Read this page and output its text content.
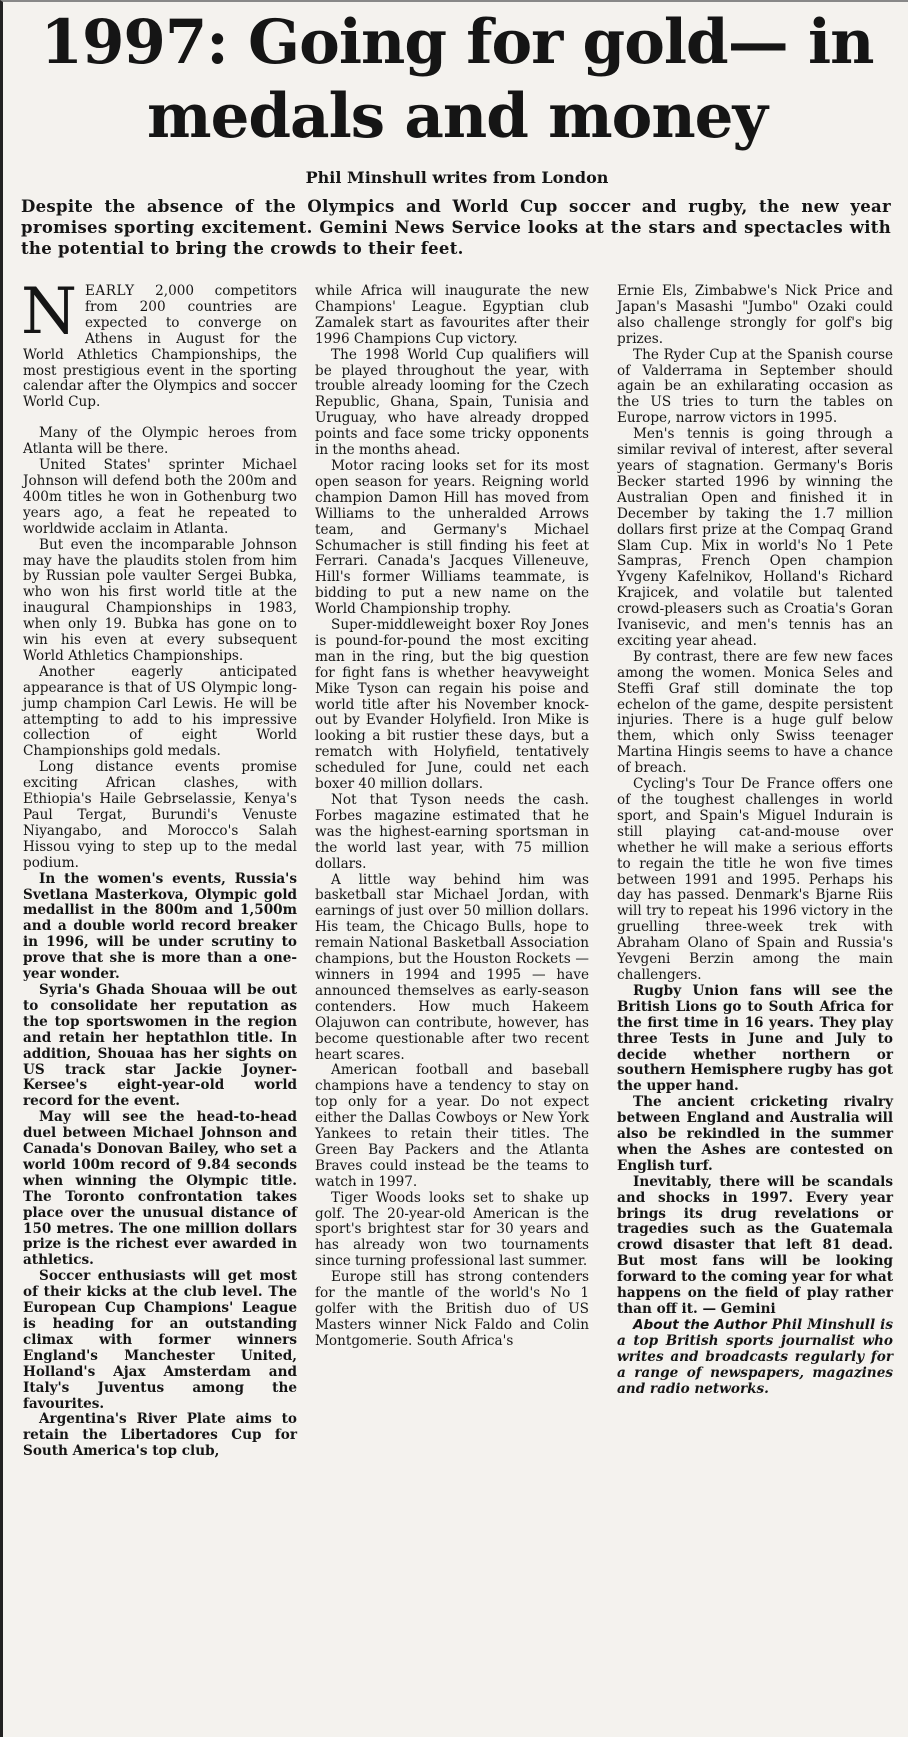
1997: Going for gold— in medals and money
Phil Minshull writes from London

Despite the absence of the Olympics and World Cup soccer and rugby, the new year promises sporting excitement. Gemini News Service looks at the stars and spectacles with the potential to bring the crowds to their feet.

NEARLY 2,000 competitors from 200 countries are expected to converge on Athens in August for the World Athletics Championships, the most prestigious event in the sporting calendar after the Olympics and soccer World Cup.

Many of the Olympic heroes from Atlanta will be there.

United States' sprinter Michael Johnson will defend both the 200m and 400m titles he won in Gothenburg two years ago, a feat he repeated to worldwide acclaim in Atlanta.

But even the incomparable Johnson may have the plaudits stolen from him by Russian pole vaulter Sergei Bubka, who won his first world title at the inaugural Championships in 1983, when only 19. Bubka has gone on to win his even at every subsequent World Athletics Championships.

Another eagerly anticipated appearance is that of US Olympic long-jump champion Carl Lewis. He will be attempting to add to his impressive collection of eight World Championships gold medals.

Long distance events promise exciting African clashes, with Ethiopia's Haile Gebrselassie, Kenya's Paul Tergat, Burundi's Venuste Niyangabo, and Morocco's Salah Hissou vying to step up to the medal podium.

In the women's events, Russia's Svetlana Masterkova, Olympic gold medallist in the 800m and 1,500m and a double world record breaker in 1996, will be under scrutiny to prove that she is more than a one-year wonder.

Syria's Ghada Shouaa will be out to consolidate her reputation as the top sportswomen in the region and retain her heptathlon title. In addition, Shouaa has her sights on US track star Jackie Joyner-Kersee's eight-year-old world record for the event.

May will see the head-to-head duel between Michael Johnson and Canada's Donovan Bailey, who set a world 100m record of 9.84 seconds when winning the Olympic title. The Toronto confrontation takes place over the unusual distance of 150 metres. The one million dollars prize is the richest ever awarded in athletics.

Soccer enthusiasts will get most of their kicks at the club level. The European Cup Champions' League is heading for an outstanding climax with former winners England's Manchester United, Holland's Ajax Amsterdam and Italy's Juventus among the favourites.

Argentina's River Plate aims to retain the Libertadores Cup for South America's top club,

while Africa will inaugurate the new Champions' League. Egyptian club Zamalek start as favourites after their 1996 Champions Cup victory.

The 1998 World Cup qualifiers will be played throughout the year, with trouble already looming for the Czech Republic, Ghana, Spain, Tunisia and Uruguay, who have already dropped points and face some tricky opponents in the months ahead.

Motor racing looks set for its most open season for years. Reigning world champion Damon Hill has moved from Williams to the unheralded Arrows team, and Germany's Michael Schumacher is still finding his feet at Ferrari. Canada's Jacques Villeneuve, Hill's former Williams teammate, is bidding to put a new name on the World Championship trophy.

Super-middleweight boxer Roy Jones is pound-for-pound the most exciting man in the ring, but the big question for fight fans is whether heavyweight Mike Tyson can regain his poise and world title after his November knock-out by Evander Holyfield. Iron Mike is looking a bit rustier these days, but a rematch with Holyfield, tentatively scheduled for June, could net each boxer 40 million dollars.

Not that Tyson needs the cash. Forbes magazine estimated that he was the highest-earning sportsman in the world last year, with 75 million dollars.

A little way behind him was basketball star Michael Jordan, with earnings of just over 50 million dollars. His team, the Chicago Bulls, hope to remain National Basketball Association champions, but the Houston Rockets — winners in 1994 and 1995 — have announced themselves as early-season contenders. How much Hakeem Olajuwon can contribute, however, has become questionable after two recent heart scares.

American football and baseball champions have a tendency to stay on top only for a year. Do not expect either the Dallas Cowboys or New York Yankees to retain their titles. The Green Bay Packers and the Atlanta Braves could instead be the teams to watch in 1997.

Tiger Woods looks set to shake up golf. The 20-year-old American is the sport's brightest star for 30 years and has already won two tournaments since turning professional last summer.

Europe still has strong contenders for the mantle of the world's No 1 golfer with the British duo of US Masters winner Nick Faldo and Colin Montgomerie. South Africa's

Ernie Els, Zimbabwe's Nick Price and Japan's Masashi "Jumbo" Ozaki could also challenge strongly for golf's big prizes.

The Ryder Cup at the Spanish course of Valderrama in September should again be an exhilarating occasion as the US tries to turn the tables on Europe, narrow victors in 1995.

Men's tennis is going through a similar revival of interest, after several years of stagnation. Germany's Boris Becker started 1996 by winning the Australian Open and finished it in December by taking the 1.7 million dollars first prize at the Compaq Grand Slam Cup. Mix in world's No 1 Pete Sampras, French Open champion Yvgeny Kafelnikov, Holland's Richard Krajicek, and volatile but talented crowd-pleasers such as Croatia's Goran Ivanisevic, and men's tennis has an exciting year ahead.

By contrast, there are few new faces among the women. Monica Seles and Steffi Graf still dominate the top echelon of the game, despite persistent injuries. There is a huge gulf below them, which only Swiss teenager Martina Hingis seems to have a chance of breach.

Cycling's Tour De France offers one of the toughest challenges in world sport, and Spain's Miguel Indurain is still playing cat-and-mouse over whether he will make a serious efforts to regain the title he won five times between 1991 and 1995. Perhaps his day has passed. Denmark's Bjarne Riis will try to repeat his 1996 victory in the gruelling three-week trek with Abraham Olano of Spain and Russia's Yevgeni Berzin among the main challengers.

Rugby Union fans will see the British Lions go to South Africa for the first time in 16 years. They play three Tests in June and July to decide whether northern or southern Hemisphere rugby has got the upper hand.

The ancient cricketing rivalry between England and Australia will also be rekindled in the summer when the Ashes are contested on English turf.

Inevitably, there will be scandals and shocks in 1997. Every year brings its drug revelations or tragedies such as the Guatemala crowd disaster that left 81 dead. But most fans will be looking forward to the coming year for what happens on the field of play rather than off it. — Gemini

About the Author Phil Minshull is a top British sports journalist who writes and broadcasts regularly for a range of newspapers, magazines and radio networks.
